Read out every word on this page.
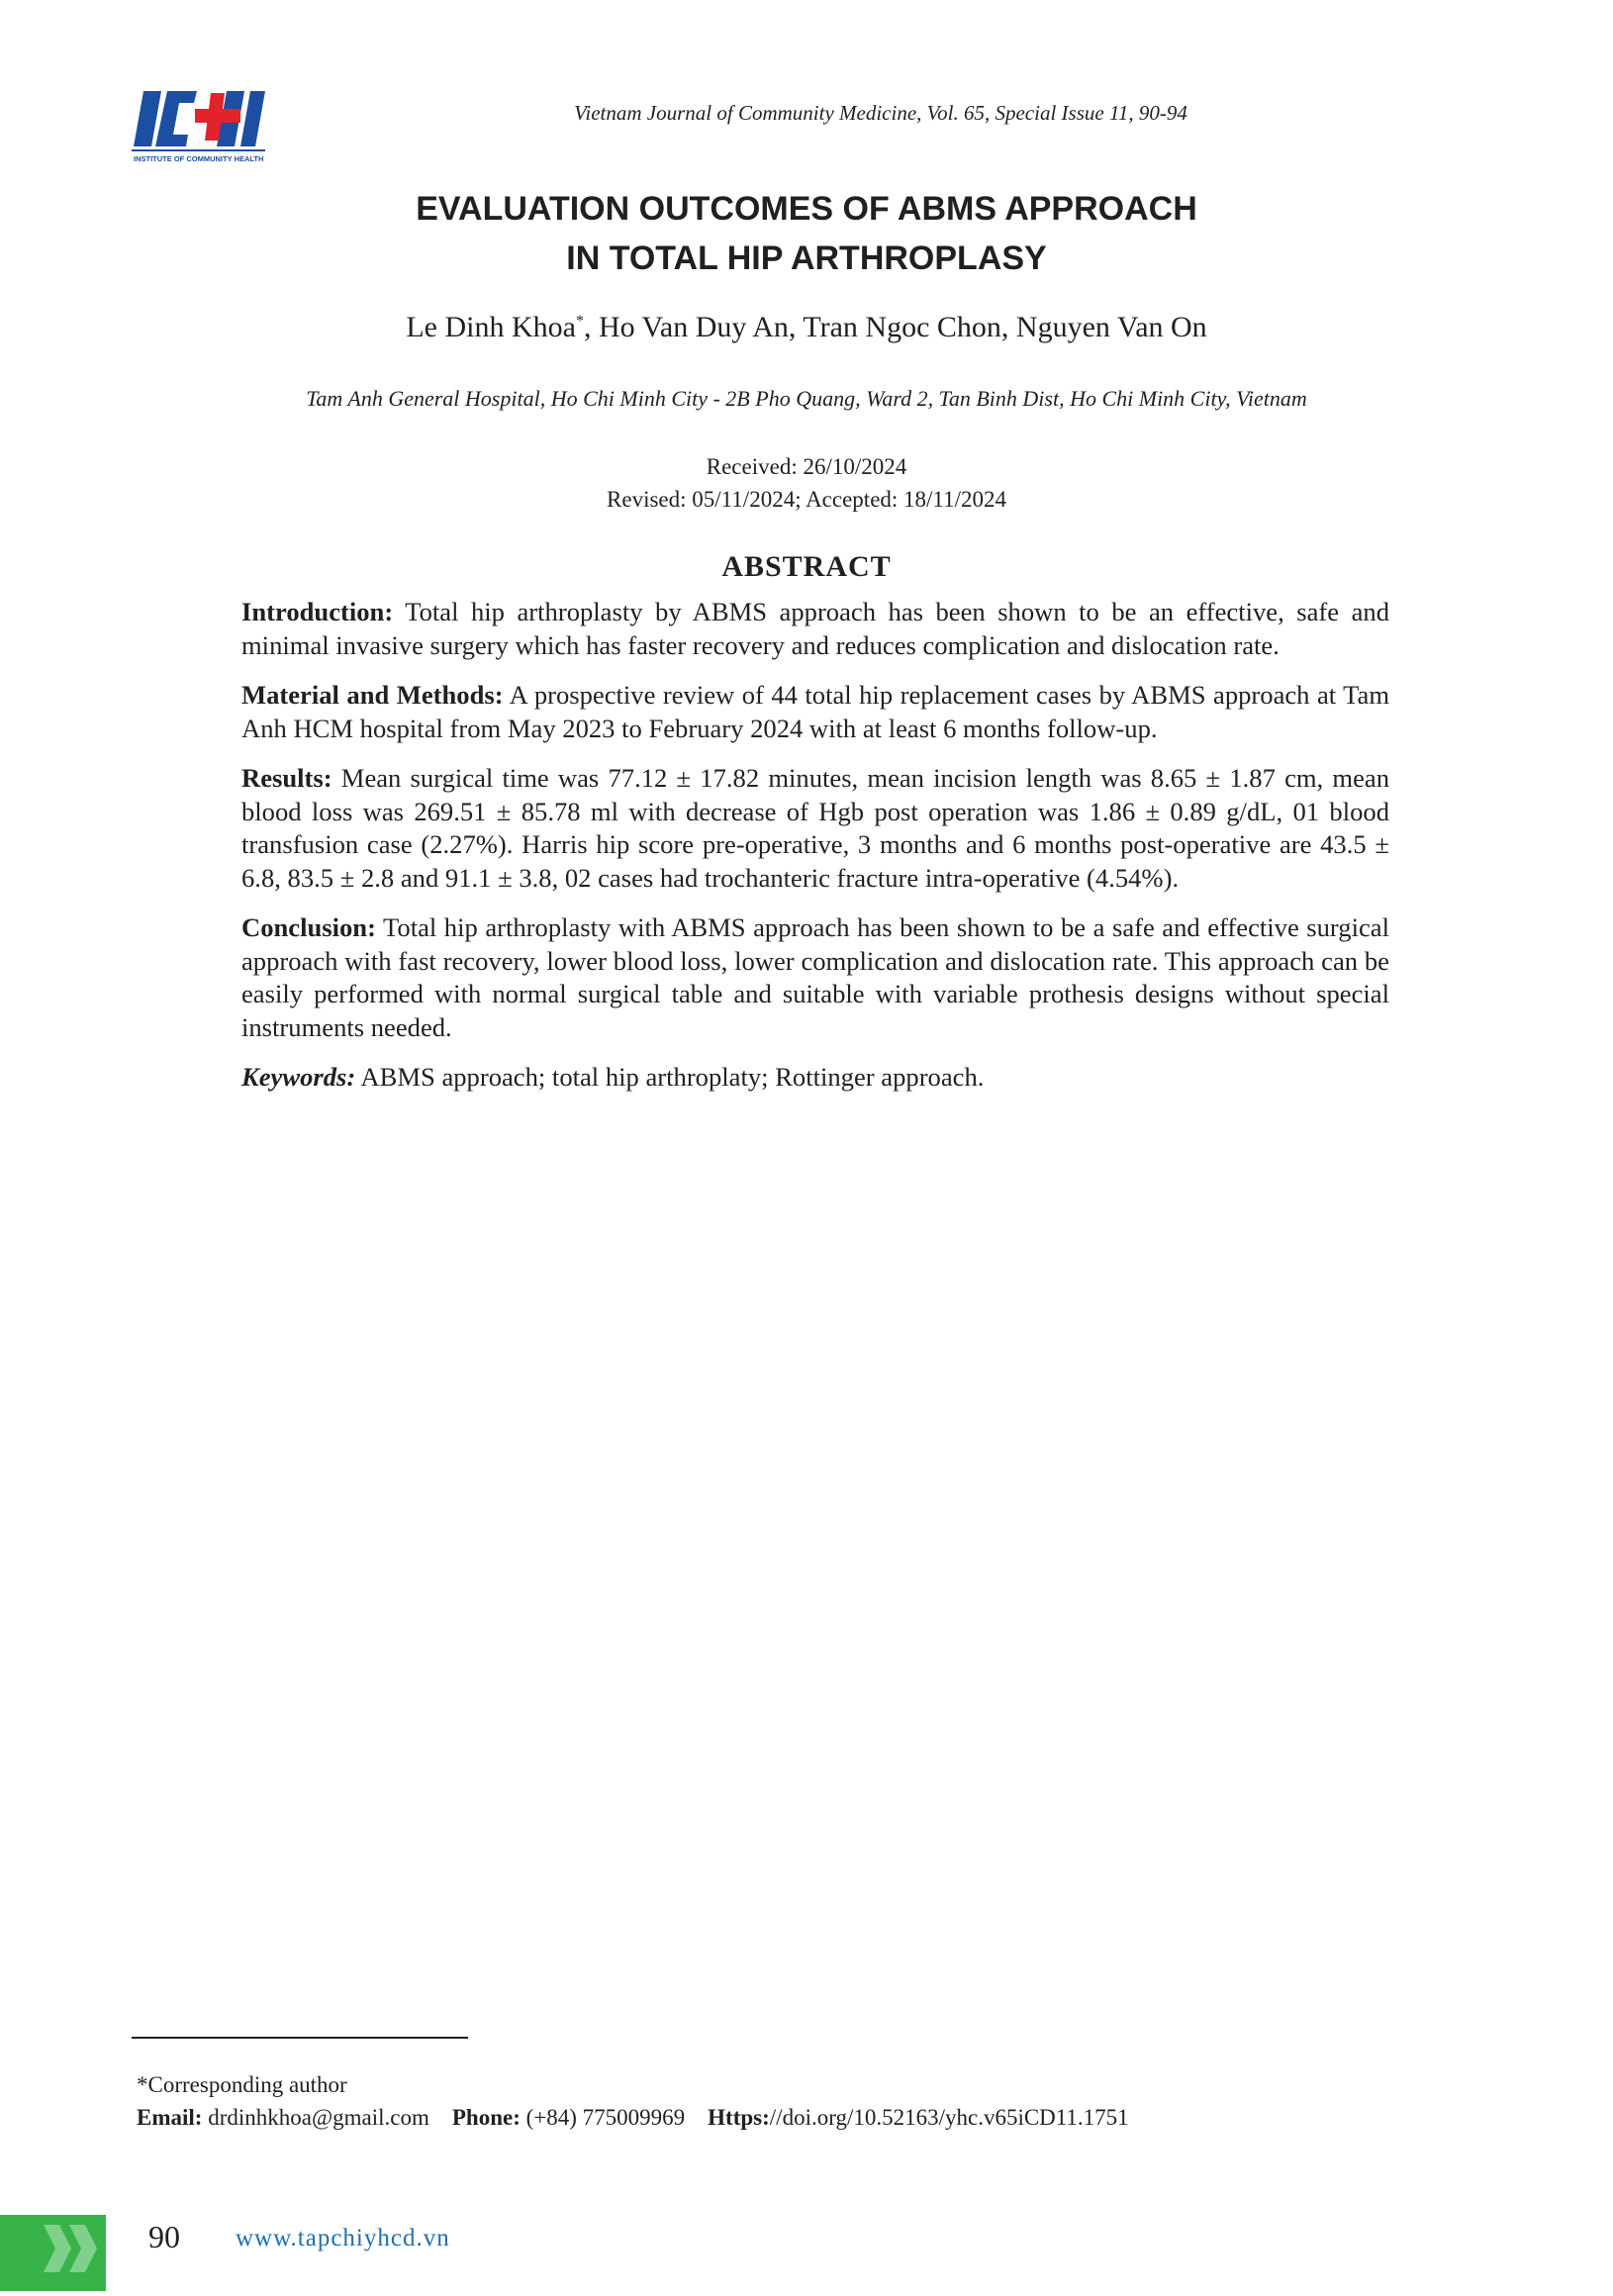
INSTITUTE OF COMMUNITY HEALTH
Vietnam Journal of Community Medicine, Vol. 65, Special Issue 11, 90-94
EVALUATION OUTCOMES OF ABMS APPROACH
IN TOTAL HIP ARTHROPLASY
Le Dinh Khoa*, Ho Van Duy An, Tran Ngoc Chon, Nguyen Van On
Tam Anh General Hospital, Ho Chi Minh City - 2B Pho Quang, Ward 2, Tan Binh Dist, Ho Chi Minh City, Vietnam
Received: 26/10/2024
Revised: 05/11/2024; Accepted: 18/11/2024
ABSTRACT

Introduction: Total hip arthroplasty by ABMS approach has been shown to be an effective, safe and minimal invasive surgery which has faster recovery and reduces complication and dislocation rate.

Material and Methods: A prospective review of 44 total hip replacement cases by ABMS approach at Tam Anh HCM hospital from May 2023 to February 2024 with at least 6 months follow-up.

Results: Mean surgical time was 77.12 ± 17.82 minutes, mean incision length was 8.65 ± 1.87 cm, mean blood loss was 269.51 ± 85.78 ml with decrease of Hgb post operation was 1.86 ± 0.89 g/dL, 01 blood transfusion case (2.27%). Harris hip score pre-operative, 3 months and 6 months post-operative are 43.5 ± 6.8, 83.5 ± 2.8 and 91.1 ± 3.8, 02 cases had trochanteric fracture intra-operative (4.54%).

Conclusion: Total hip arthroplasty with ABMS approach has been shown to be a safe and effective surgical approach with fast recovery, lower blood loss, lower complication and dislocation rate. This approach can be easily performed with normal surgical table and suitable with variable prothesis designs without special instruments needed.

Keywords: ABMS approach; total hip arthroplaty; Rottinger approach.

*Corresponding author
Email: drdinhkhoa@gmail.com    Phone: (+84) 775009969    Https://doi.org/10.52163/yhc.v65iCD11.1751
90 www.tapchiyhcd.vn
